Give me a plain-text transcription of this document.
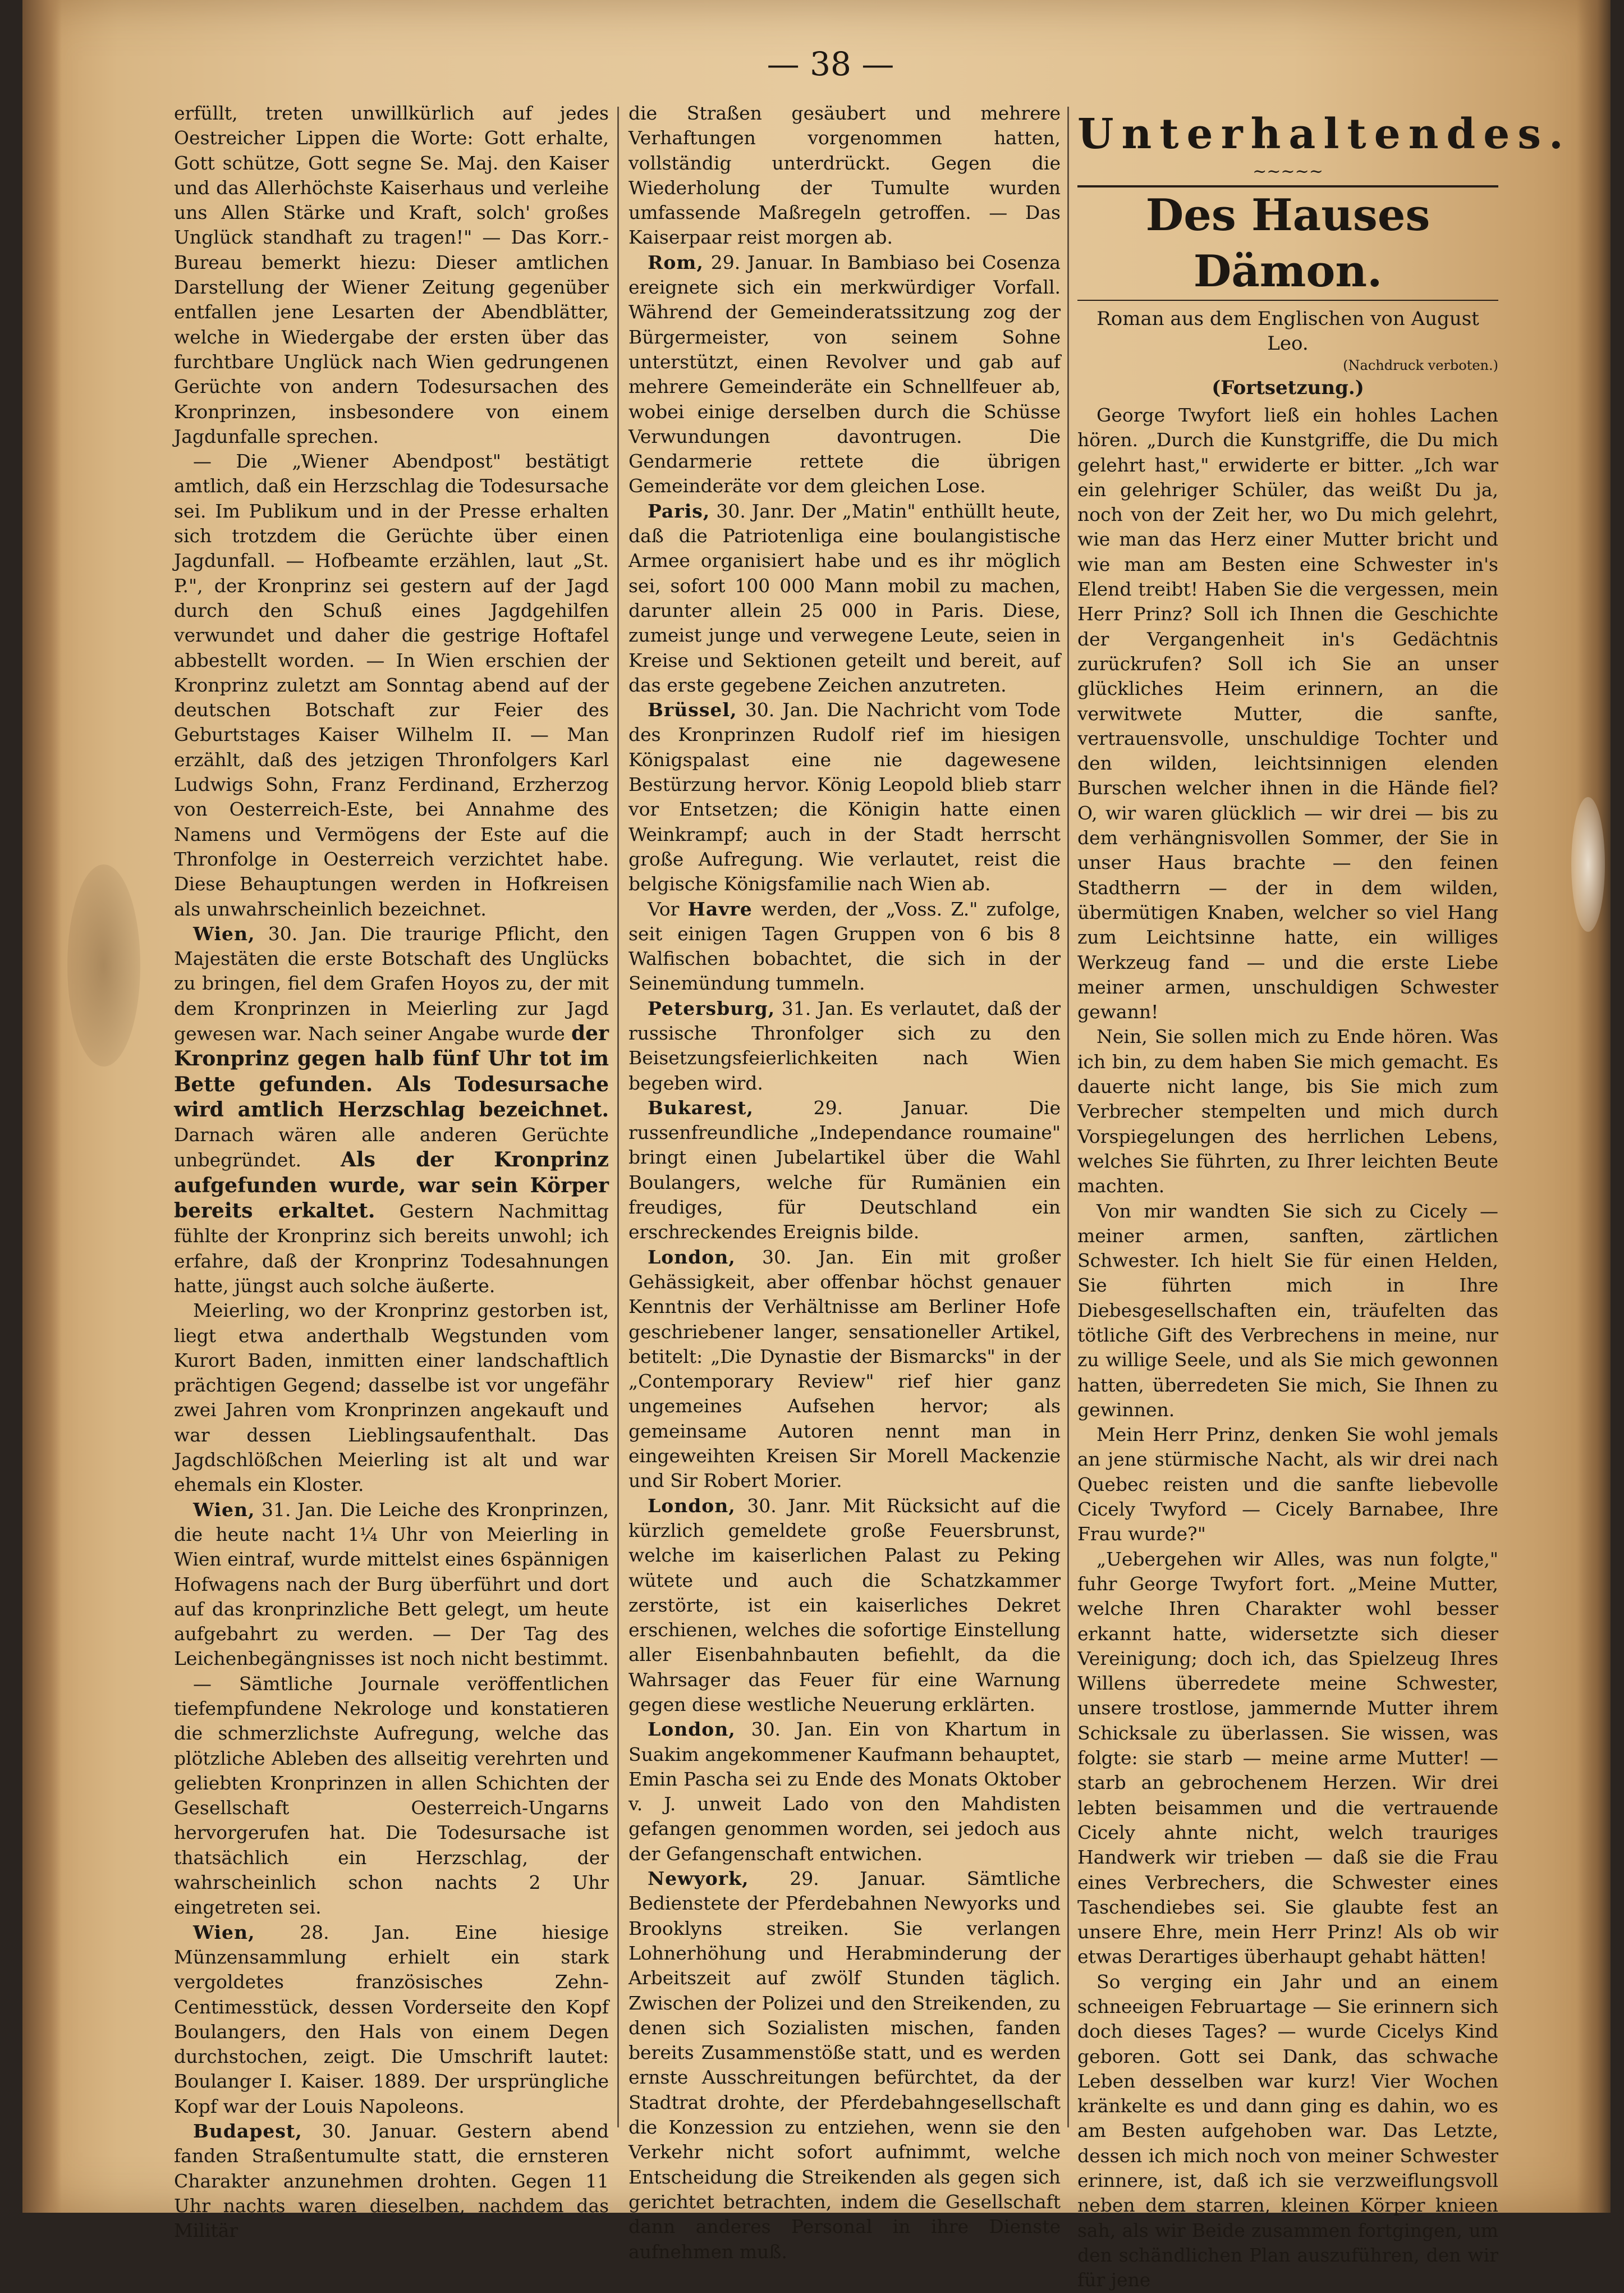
— 38 —

erfüllt, treten unwillkürlich auf jedes Oestreicher Lippen die Worte: Gott erhalte, Gott schütze, Gott segne Se. Maj. den Kaiser und das Allerhöchste Kaiserhaus und verleihe uns Allen Stärke und Kraft, solch' großes Unglück standhaft zu tragen!" — Das Korr.-Bureau bemerkt hiezu: Dieser amtlichen Darstellung der Wiener Zeitung gegenüber entfallen jene Lesarten der Abendblätter, welche in Wiedergabe der ersten über das furchtbare Unglück nach Wien gedrungenen Gerüchte von andern Todesursachen des Kronprinzen, insbesondere von einem Jagdunfalle sprechen.

— Die „Wiener Abendpost" bestätigt amtlich, daß ein Herzschlag die Todesursache sei. Im Publikum und in der Presse erhalten sich trotzdem die Gerüchte über einen Jagdunfall. — Hofbeamte erzählen, laut „St. P.", der Kronprinz sei gestern auf der Jagd durch den Schuß eines Jagdgehilfen verwundet und daher die gestrige Hoftafel abbestellt worden. — In Wien erschien der Kronprinz zuletzt am Sonntag abend auf der deutschen Botschaft zur Feier des Geburtstages Kaiser Wilhelm II. — Man erzählt, daß des jetzigen Thronfolgers Karl Ludwigs Sohn, Franz Ferdinand, Erzherzog von Oesterreich-Este, bei Annahme des Namens und Vermögens der Este auf die Thronfolge in Oesterreich verzichtet habe. Diese Behauptungen werden in Hofkreisen als unwahrscheinlich bezeichnet.

Wien, 30. Jan. Die traurige Pflicht, den Majestäten die erste Botschaft des Unglücks zu bringen, fiel dem Grafen Hoyos zu, der mit dem Kronprinzen in Meierling zur Jagd gewesen war. Nach seiner Angabe wurde der Kronprinz gegen halb fünf Uhr tot im Bette gefunden. Als Todesursache wird amtlich Herzschlag bezeichnet. Darnach wären alle anderen Gerüchte unbegründet. Als der Kronprinz aufgefunden wurde, war sein Körper bereits erkaltet. Gestern Nachmittag fühlte der Kronprinz sich bereits unwohl; ich erfahre, daß der Kronprinz Todesahnungen hatte, jüngst auch solche äußerte.

Meierling, wo der Kronprinz gestorben ist, liegt etwa anderthalb Wegstunden vom Kurort Baden, inmitten einer landschaftlich prächtigen Gegend; dasselbe ist vor ungefähr zwei Jahren vom Kronprinzen angekauft und war dessen Lieblingsaufenthalt. Das Jagdschlößchen Meierling ist alt und war ehemals ein Kloster.

Wien, 31. Jan. Die Leiche des Kronprinzen, die heute nacht 1¼ Uhr von Meierling in Wien eintraf, wurde mittelst eines 6spännigen Hofwagens nach der Burg überführt und dort auf das kronprinzliche Bett gelegt, um heute aufgebahrt zu werden. — Der Tag des Leichenbegängnisses ist noch nicht bestimmt.

— Sämtliche Journale veröffentlichen tiefempfundene Nekrologe und konstatieren die schmerzlichste Aufregung, welche das plötzliche Ableben des allseitig verehrten und geliebten Kronprinzen in allen Schichten der Gesellschaft Oesterreich-Ungarns hervorgerufen hat. Die Todesursache ist thatsächlich ein Herzschlag, der wahrscheinlich schon nachts 2 Uhr eingetreten sei.

Wien, 28. Jan. Eine hiesige Münzensammlung erhielt ein stark vergoldetes französisches Zehn-Centimesstück, dessen Vorderseite den Kopf Boulangers, den Hals von einem Degen durchstochen, zeigt. Die Umschrift lautet: Boulanger I. Kaiser. 1889. Der ursprüngliche Kopf war der Louis Napoleons.

Budapest, 30. Januar. Gestern abend fanden Straßentumulte statt, die ernsteren Charakter anzunehmen drohten. Gegen 11 Uhr nachts waren dieselben, nachdem das Militär

die Straßen gesäubert und mehrere Verhaftungen vorgenommen hatten, vollständig unterdrückt. Gegen die Wiederholung der Tumulte wurden umfassende Maßregeln getroffen. — Das Kaiserpaar reist morgen ab.

Rom, 29. Januar. In Bambiaso bei Cosenza ereignete sich ein merkwürdiger Vorfall. Während der Gemeinderatssitzung zog der Bürgermeister, von seinem Sohne unterstützt, einen Revolver und gab auf mehrere Gemeinderäte ein Schnellfeuer ab, wobei einige derselben durch die Schüsse Verwundungen davontrugen. Die Gendarmerie rettete die übrigen Gemeinderäte vor dem gleichen Lose.

Paris, 30. Janr. Der „Matin" enthüllt heute, daß die Patriotenliga eine boulangistische Armee organisiert habe und es ihr möglich sei, sofort 100 000 Mann mobil zu machen, darunter allein 25 000 in Paris. Diese, zumeist junge und verwegene Leute, seien in Kreise und Sektionen geteilt und bereit, auf das erste gegebene Zeichen anzutreten.

Brüssel, 30. Jan. Die Nachricht vom Tode des Kronprinzen Rudolf rief im hiesigen Königspalast eine nie dagewesene Bestürzung hervor. König Leopold blieb starr vor Entsetzen; die Königin hatte einen Weinkrampf; auch in der Stadt herrscht große Aufregung. Wie verlautet, reist die belgische Königsfamilie nach Wien ab.

Vor Havre werden, der „Voss. Z." zufolge, seit einigen Tagen Gruppen von 6 bis 8 Walfischen bobachtet, die sich in der Seinemündung tummeln.

Petersburg, 31. Jan. Es verlautet, daß der russische Thronfolger sich zu den Beisetzungsfeierlichkeiten nach Wien begeben wird.

Bukarest, 29. Januar. Die russenfreundliche „Independance roumaine" bringt einen Jubelartikel über die Wahl Boulangers, welche für Rumänien ein freudiges, für Deutschland ein erschreckendes Ereignis bilde.

London, 30. Jan. Ein mit großer Gehässigkeit, aber offenbar höchst genauer Kenntnis der Verhältnisse am Berliner Hofe geschriebener langer, sensationeller Artikel, betitelt: „Die Dynastie der Bismarcks" in der „Contemporary Review" rief hier ganz ungemeines Aufsehen hervor; als gemeinsame Autoren nennt man in eingeweihten Kreisen Sir Morell Mackenzie und Sir Robert Morier.

London, 30. Janr. Mit Rücksicht auf die kürzlich gemeldete große Feuersbrunst, welche im kaiserlichen Palast zu Peking wütete und auch die Schatzkammer zerstörte, ist ein kaiserliches Dekret erschienen, welches die sofortige Einstellung aller Eisenbahnbauten befiehlt, da die Wahrsager das Feuer für eine Warnung gegen diese westliche Neuerung erklärten.

London, 30. Jan. Ein von Khartum in Suakim angekommener Kaufmann behauptet, Emin Pascha sei zu Ende des Monats Oktober v. J. unweit Lado von den Mahdisten gefangen genommen worden, sei jedoch aus der Gefangenschaft entwichen.

Newyork, 29. Januar. Sämtliche Bedienstete der Pferdebahnen Newyorks und Brooklyns streiken. Sie verlangen Lohnerhöhung und Herabminderung der Arbeitszeit auf zwölf Stunden täglich. Zwischen der Polizei und den Streikenden, zu denen sich Sozialisten mischen, fanden bereits Zusammenstöße statt, und es werden ernste Ausschreitungen befürchtet, da der Stadtrat drohte, der Pferdebahngesellschaft die Konzession zu entziehen, wenn sie den Verkehr nicht sofort aufnimmt, welche Entscheidung die Streikenden als gegen sich gerichtet betrachten, indem die Gesellschaft dann anderes Personal in ihre Dienste aufnehmen muß.

Unterhaltendes.
~~~~~
Des Hauses Dämon.
Roman aus dem Englischen von August Leo.
(Nachdruck verboten.)
(Fortsetzung.)

George Twyfort ließ ein hohles Lachen hören. „Durch die Kunstgriffe, die Du mich gelehrt hast," erwiderte er bitter. „Ich war ein gelehriger Schüler, das weißt Du ja, noch von der Zeit her, wo Du mich gelehrt, wie man das Herz einer Mutter bricht und wie man am Besten eine Schwester in's Elend treibt! Haben Sie die vergessen, mein Herr Prinz? Soll ich Ihnen die Geschichte der Vergangenheit in's Gedächtnis zurückrufen? Soll ich Sie an unser glückliches Heim erinnern, an die verwitwete Mutter, die sanfte, vertrauensvolle, unschuldige Tochter und den wilden, leichtsinnigen elenden Burschen welcher ihnen in die Hände fiel? O, wir waren glücklich — wir drei — bis zu dem verhängnisvollen Sommer, der Sie in unser Haus brachte — den feinen Stadtherrn — der in dem wilden, übermütigen Knaben, welcher so viel Hang zum Leichtsinne hatte, ein williges Werkzeug fand — und die erste Liebe meiner armen, unschuldigen Schwester gewann!

Nein, Sie sollen mich zu Ende hören. Was ich bin, zu dem haben Sie mich gemacht. Es dauerte nicht lange, bis Sie mich zum Verbrecher stempelten und mich durch Vorspiegelungen des herrlichen Lebens, welches Sie führten, zu Ihrer leichten Beute machten.

Von mir wandten Sie sich zu Cicely — meiner armen, sanften, zärtlichen Schwester. Ich hielt Sie für einen Helden, Sie führten mich in Ihre Diebesgesellschaften ein, träufelten das tötliche Gift des Verbrechens in meine, nur zu willige Seele, und als Sie mich gewonnen hatten, überredeten Sie mich, Sie Ihnen zu gewinnen.

Mein Herr Prinz, denken Sie wohl jemals an jene stürmische Nacht, als wir drei nach Quebec reisten und die sanfte liebevolle Cicely Twyford — Cicely Barnabee, Ihre Frau wurde?"

„Uebergehen wir Alles, was nun folgte," fuhr George Twyfort fort. „Meine Mutter, welche Ihren Charakter wohl besser erkannt hatte, widersetzte sich dieser Vereinigung; doch ich, das Spielzeug Ihres Willens überredete meine Schwester, unsere trostlose, jammernde Mutter ihrem Schicksale zu überlassen. Sie wissen, was folgte: sie starb — meine arme Mutter! — starb an gebrochenem Herzen. Wir drei lebten beisammen und die vertrauende Cicely ahnte nicht, welch trauriges Handwerk wir trieben — daß sie die Frau eines Verbrechers, die Schwester eines Taschendiebes sei. Sie glaubte fest an unsere Ehre, mein Herr Prinz! Als ob wir etwas Derartiges überhaupt gehabt hätten!

So verging ein Jahr und an einem schneeigen Februartage — Sie erinnern sich doch dieses Tages? — wurde Cicelys Kind geboren. Gott sei Dank, das schwache Leben desselben war kurz! Vier Wochen kränkelte es und dann ging es dahin, wo es am Besten aufgehoben war. Das Letzte, dessen ich mich noch von meiner Schwester erinnere, ist, daß ich sie verzweiflungsvoll neben dem starren, kleinen Körper knieen sah, als wir Beide zusammen fortgingen, um den schändlichen Plan auszuführen, den wir für jene
